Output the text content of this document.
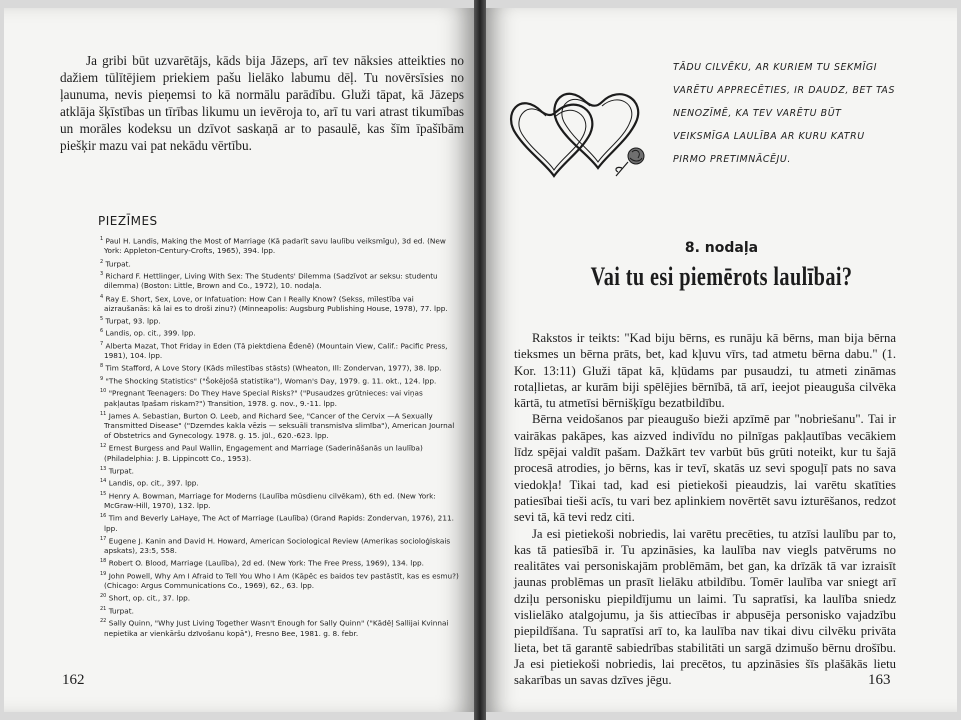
Ja gribi būt uzvarētājs, kāds bija Jāzeps, arī tev nāksies atteikties no dažiem tūlītējiem priekiem pašu lielāko labumu dēļ. Tu novērsīsies no ļaunuma, nevis pieņemsi to kā normālu parādību. Gluži tāpat, kā Jāzeps atklāja šķīstības un tīrības likumu un ievēroja to, arī tu vari atrast tikumības un morāles kodeksu un dzīvot saskaņā ar to pasaulē, kas šīm īpašībām piešķir mazu vai pat nekādu vērtību.

PIEZĪMES
$^1$ Paul H. Landis, Making the Most of Marriage (Kā padarīt savu laulību veiksmīgu), 3d ed. (New York: Appleton-Century-Crofts, 1965), 394. lpp.
$^2$ Turpat.
$^3$ Richard F. Hettlinger, Living With Sex: The Students' Dilemma (Sadzīvot ar seksu: studentu dilemma) (Boston: Little, Brown and Co., 1972), 10. nodaļa.
$^4$ Ray E. Short, Sex, Love, or Infatuation: How Can I Really Know? (Sekss, mīlestība vai aizraušanās: kā lai es to droši zinu?) (Minneapolis: Augsburg Publishing House, 1978), 77. lpp.
$^5$ Turpat, 93. lpp.
$^6$ Landis, op. cit., 399. lpp.
$^7$ Alberta Mazat, Thot Friday in Eden (Tā piektdiena Ēdenē) (Mountain View, Calif.: Pacific Press, 1981), 104. lpp.
$^8$ Tim Stafford, A Love Story (Kāds mīlestības stāsts) (Wheaton, Ill: Zondervan, 1977), 38. lpp.
$^9$ "The Shocking Statistics" ("Šokējošā statistika"), Woman's Day, 1979. g. 11. okt., 124. lpp.
$^{10}$ "Pregnant Teenagers: Do They Have Special Risks?" ("Pusaudzes grūtnieces: vai viņas pakļautas īpašam riskam?") Transition, 1978. g. nov., 9.-11. lpp.
$^{11}$ James A. Sebastian, Burton O. Leeb, and Richard See, "Cancer of the Cervix —A Sexually Transmitted Disease" ("Dzemdes kakla vēzis — seksuāli transmisīva slimība"), American Journal of Obstetrics and Gynecology. 1978. g. 15. jūl., 620.-623. lpp.
$^{12}$ Ernest Burgess and Paul Wallin, Engagement and Marriage (Saderināšanās un laulība) (Philadelphia: J. B. Lippincott Co., 1953).
$^{13}$ Turpat.
$^{14}$ Landis, op. cit., 397. lpp.
$^{15}$ Henry A. Bowman, Marriage for Moderns (Laulība mūsdienu cilvēkam), 6th ed. (New York: McGraw-Hill, 1970), 132. lpp.
$^{16}$ Tim and Beverly LaHaye, The Act of Marriage (Laulība) (Grand Rapids: Zondervan, 1976), 211. lpp.
$^{17}$ Eugene J. Kanin and David H. Howard, American Sociological Review (Amerikas socioloģiskais apskats), 23:5, 558.
$^{18}$ Robert O. Blood, Marriage (Laulība), 2d ed. (New York: The Free Press, 1969), 134. lpp.
$^{19}$ John Powell, Why Am I Afraid to Tell You Who I Am (Kāpēc es baidos tev pastāstīt, kas es esmu?) (Chicago: Argus Communications Co., 1969), 62., 63. lpp.
$^{20}$ Short, op. cit., 37. lpp.
$^{21}$ Turpat.
$^{22}$ Sally Quinn, "Why Just Living Together Wasn't Enough for Sally Quinn" ("Kādēļ Sallijai Kvinnai nepietika ar vienkāršu dzīvošanu kopā"), Fresno Bee, 1981. g. 8. febr.
162
TĀDU CILVĒKU, AR KURIEM TU SEKMĪGI VARĒTU APPRECĒTIES, IR DAUDZ, BET TAS NENOZĪMĒ, KA TEV VARĒTU BŪT VEIKSMĪGA LAULĪBA AR KURU KATRU PIRMO PRETIMNĀCĒJU.
8. nodaļa
Vai tu esi piemērots laulībai?

Rakstos ir teikts: "Kad biju bērns, es runāju kā bērns, man bija bērna tieksmes un bērna prāts, bet, kad kļuvu vīrs, tad atmetu bērna dabu." (1. Kor. 13:11) Gluži tāpat kā, kļūdams par pusaudzi, tu atmeti zināmas rotaļlietas, ar kurām biji spēlējies bērnībā, tā arī, ieejot pieauguša cilvēka kārtā, tu atmetīsi bērnišķīgu bezatbildību.

Bērna veidošanos par pieaugušo bieži apzīmē par "nobriešanu". Tai ir vairākas pakāpes, kas aizved indivīdu no pilnīgas pakļautības vecākiem līdz spējai valdīt pašam. Dažkārt tev varbūt būs grūti noteikt, kur tu šajā procesā atrodies, jo bērns, kas ir tevī, skatās uz sevi spoguļī pats no sava viedokļa! Tikai tad, kad esi pietiekoši pieaudzis, lai varētu skatīties patiesībai tieši acīs, tu vari bez aplinkiem novērtēt savu izturēšanos, redzot sevi tā, kā tevi redz citi.

Ja esi pietiekoši nobriedis, lai varētu precēties, tu atzīsi laulību par to, kas tā patiesībā ir. Tu apzināsies, ka laulība nav viegls patvērums no realitātes vai personiskajām problēmām, bet gan, ka drīzāk tā var izraisīt jaunas problēmas un prasīt lielāku atbildību. Tomēr laulība var sniegt arī dziļu personisku piepildījumu un laimi. Tu sapratīsi, ka laulība sniedz vislielāko atalgojumu, ja šis attiecības ir abpusēja personisko vajadzību piepildīšana. Tu sapratīsi arī to, ka laulība nav tikai divu cilvēku privāta lieta, bet tā garantē sabiedrības stabilitāti un sargā dzimušo bērnu drošību. Ja esi pietiekoši nobriedis, lai precētos, tu apzināsies šīs plašākās lietu sakarības un savas dzīves jēgu.	163
